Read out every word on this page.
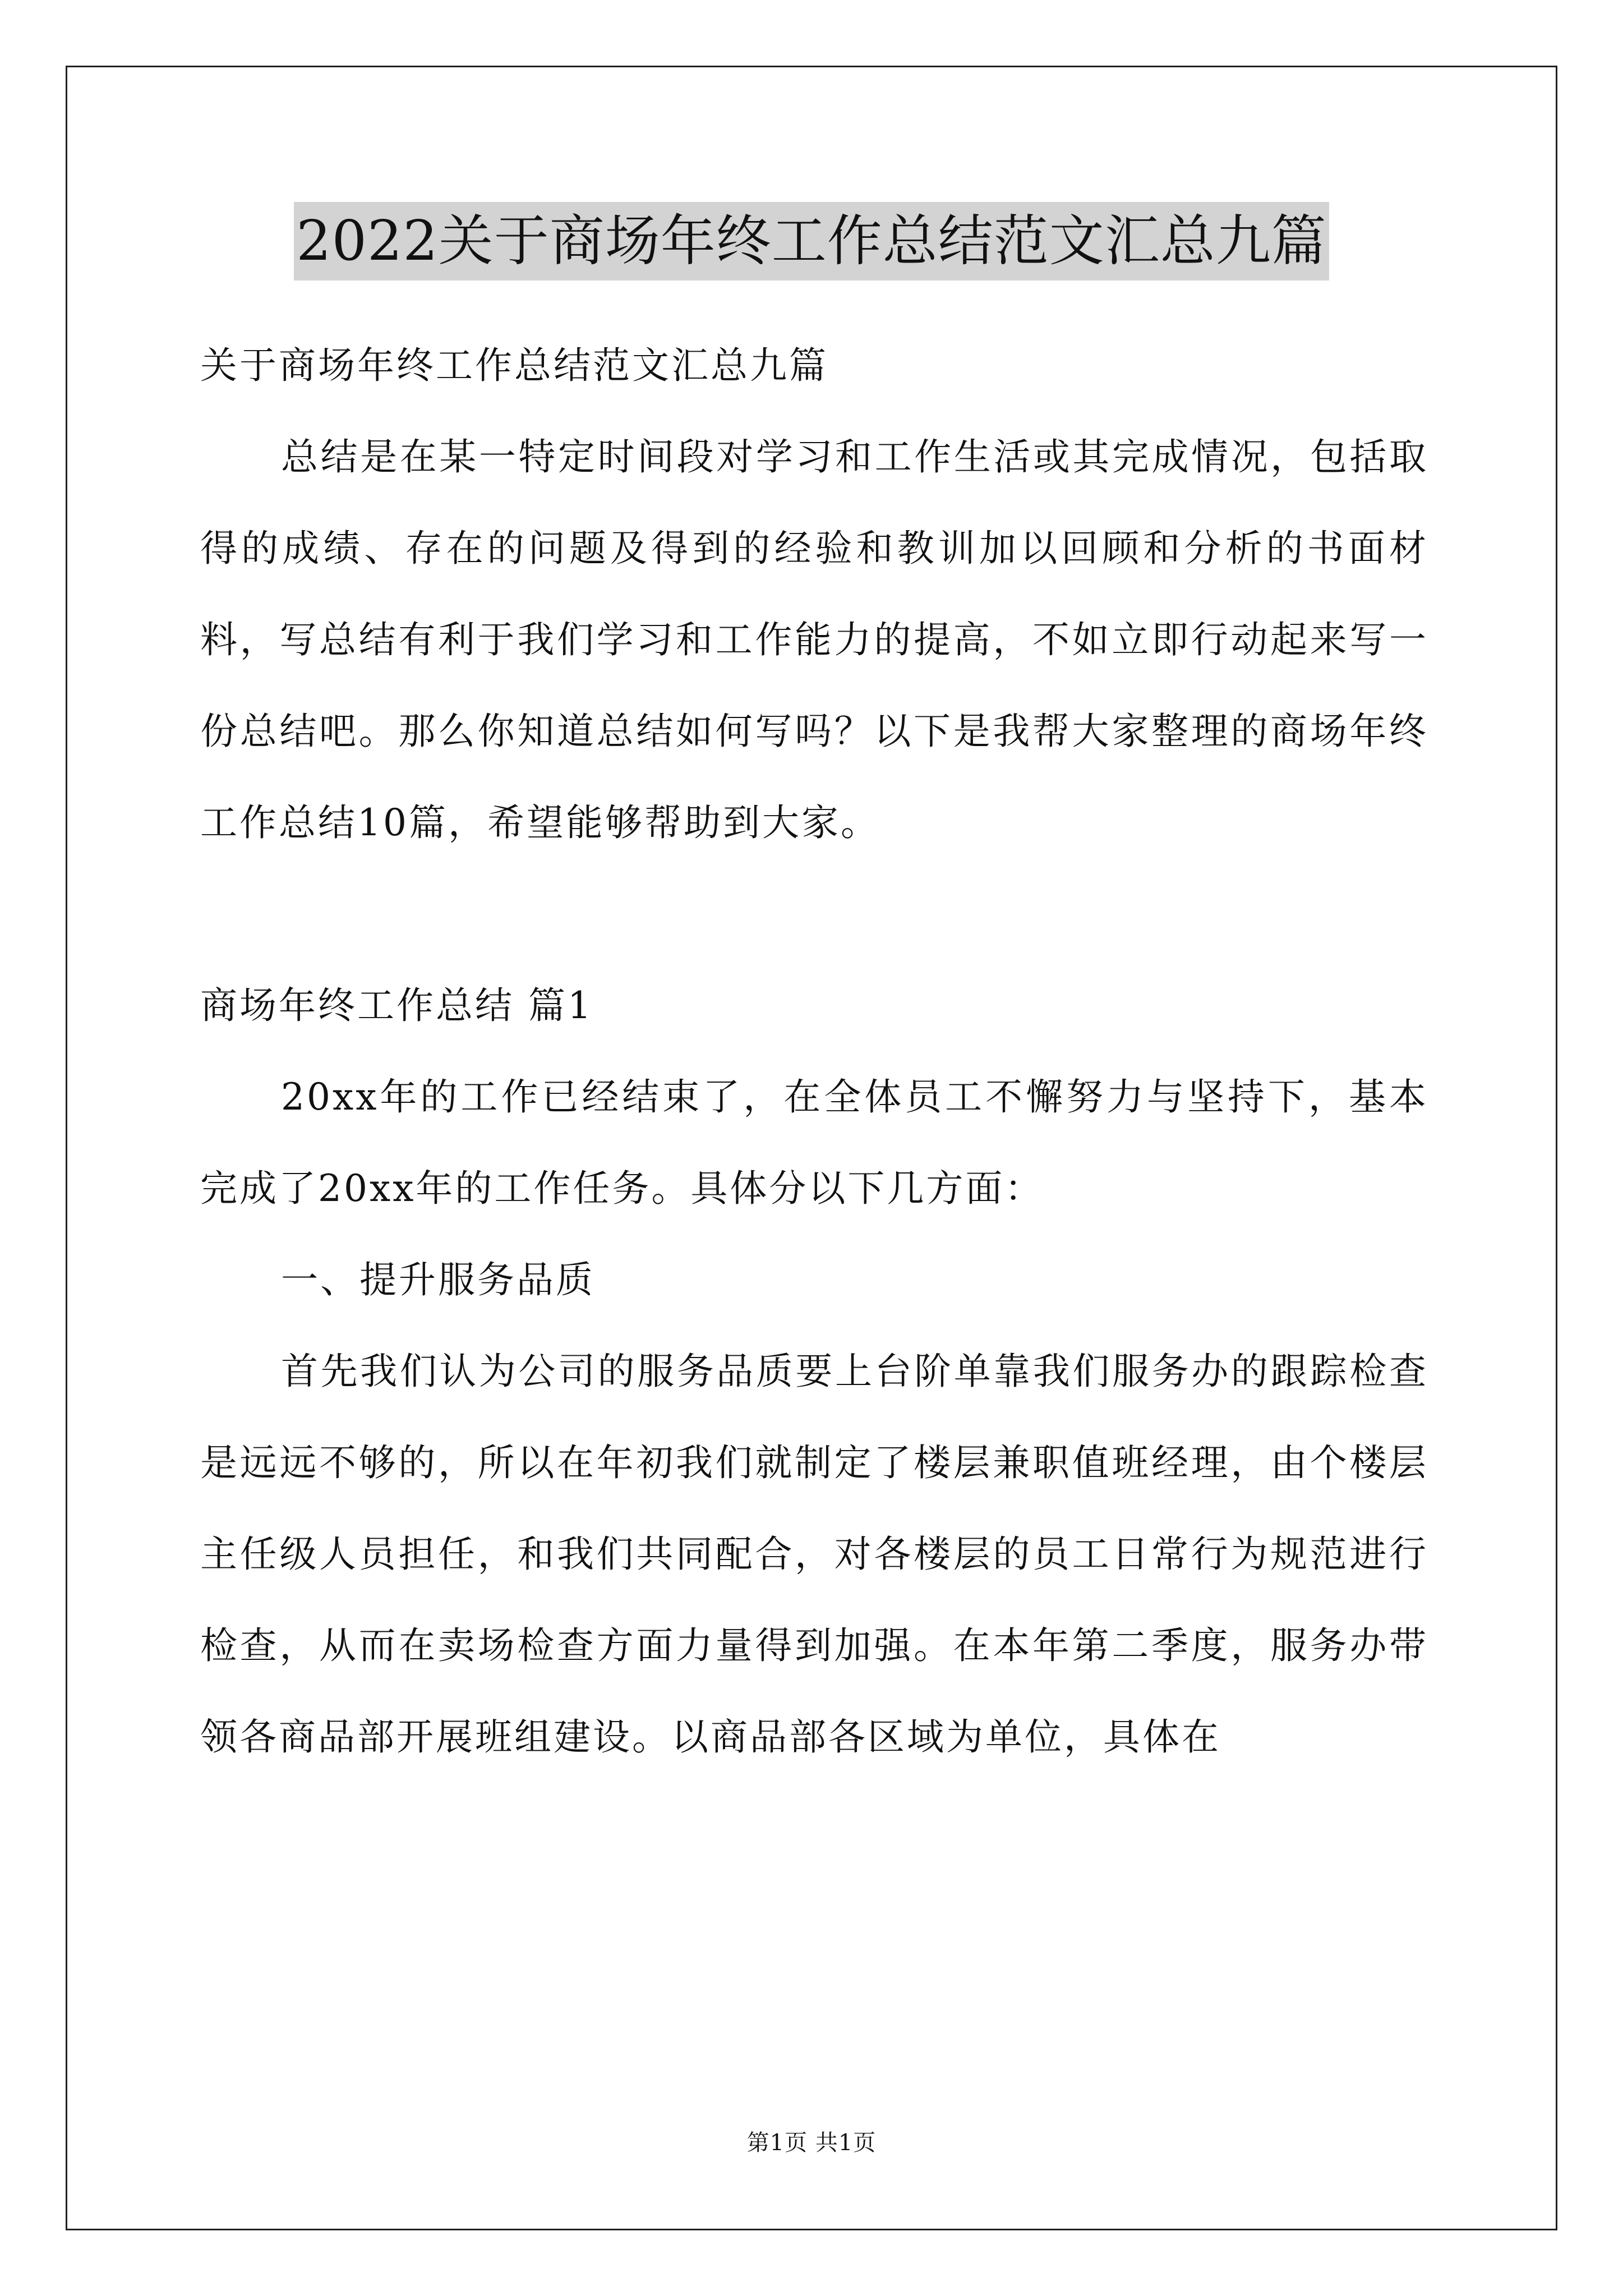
2022关于商场年终工作总结范文汇总九篇

关于商场年终工作总结范文汇总九篇

总结是在某一特定时间段对学习和工作生活或其完成情况，包括取得的成绩、存在的问题及得到的经验和教训加以回顾和分析的书面材料，写总结有利于我们学习和工作能力的提高，不如立即行动起来写一份总结吧。那么你知道总结如何写吗？以下是我帮大家整理的商场年终工作总结10篇，希望能够帮助到大家。

商场年终工作总结 篇1

20xx年的工作已经结束了，在全体员工不懈努力与坚持下，基本完成了20xx年的工作任务。具体分以下几方面：

一、提升服务品质

首先我们认为公司的服务品质要上台阶单靠我们服务办的跟踪检查是远远不够的，所以在年初我们就制定了楼层兼职值班经理，由个楼层主任级人员担任，和我们共同配合，对各楼层的员工日常行为规范进行检查，从而在卖场检查方面力量得到加强。在本年第二季度，服务办带领各商品部开展班组建设。以商品部各区域为单位，具体在

第1页 共1页
